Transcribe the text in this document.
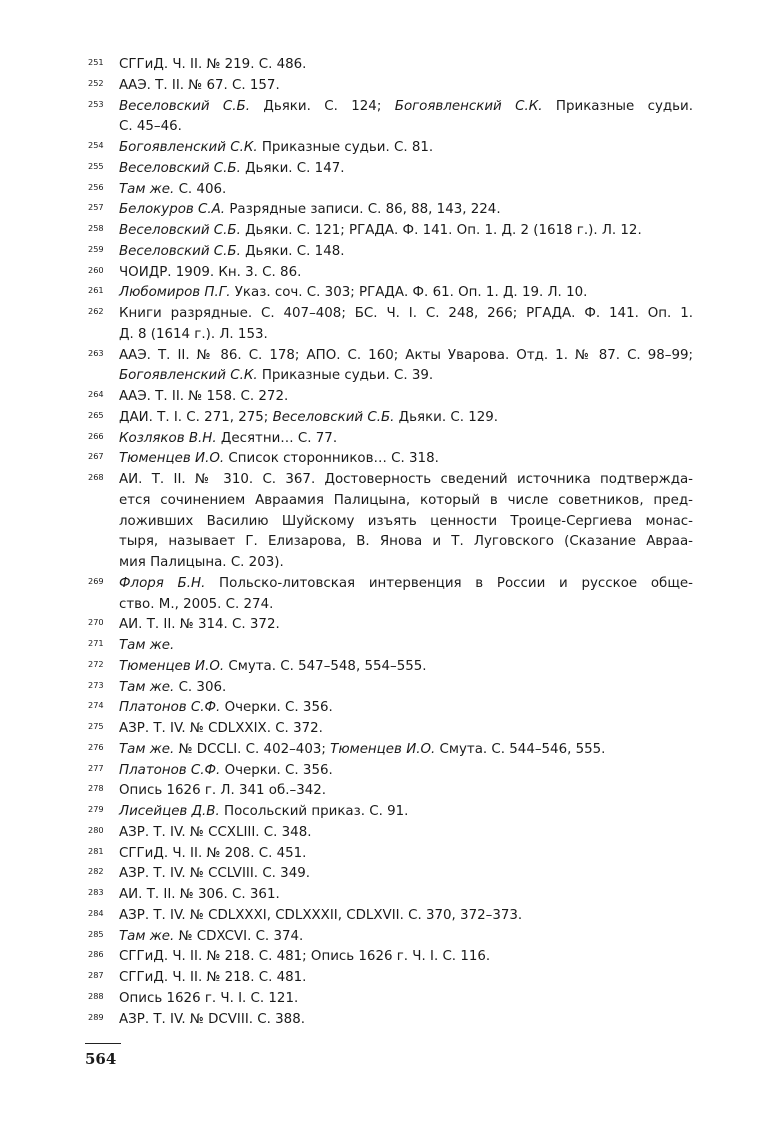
251 СГГиД. Ч. II. № 219. С. 486.
252 ААЭ. Т. II. № 67. С. 157.
253 Веселовский С.Б. Дьяки. С. 124; Богоявленский С.К. Приказные судьи.
С. 45–46.
254 Богоявленский С.К. Приказные судьи. С. 81.
255 Веселовский С.Б. Дьяки. С. 147.
256 Там же. С. 406.
257 Белокуров С.А. Разрядные записи. С. 86, 88, 143, 224.
258 Веселовский С.Б. Дьяки. С. 121; РГАДА. Ф. 141. Оп. 1. Д. 2 (1618 г.). Л. 12.
259 Веселовский С.Б. Дьяки. С. 148.
260 ЧОИДР. 1909. Кн. 3. С. 86.
261 Любомиров П.Г. Указ. соч. С. 303; РГАДА. Ф. 61. Оп. 1. Д. 19. Л. 10.
262 Книги разрядные. С. 407–408; БС. Ч. I. С. 248, 266; РГАДА. Ф. 141. Оп. 1.
Д. 8 (1614 г.). Л. 153.
263 ААЭ. Т. II. № 86. С. 178; АПО. С. 160; Акты Уварова. Отд. 1. № 87. С. 98–99;
Богоявленский С.К. Приказные судьи. С. 39.
264 ААЭ. Т. II. № 158. С. 272.
265 ДАИ. Т. I. С. 271, 275; Веселовский С.Б. Дьяки. С. 129.
266 Козляков В.Н. Десятни… С. 77.
267 Тюменцев И.О. Список сторонников… С. 318.
268 АИ. Т. II. № 310. С. 367. Достоверность сведений источника подтвержда-
ется сочинением Авраамия Палицына, который в числе советников, пред-
ложивших Василию Шуйскому изъять ценности Троице-Сергиева монас-
тыря, называет Г. Елизарова, В. Янова и Т. Луговского (Сказание Авраа-
мия Палицына. С. 203).
269 Флоря Б.Н. Польско-литовская интервенция в России и русское обще-
ство. М., 2005. С. 274.
270 АИ. Т. II. № 314. С. 372.
271 Там же.
272 Тюменцев И.О. Смута. С. 547–548, 554–555.
273 Там же. С. 306.
274 Платонов С.Ф. Очерки. С. 356.
275 АЗР. Т. IV. № CDLXXIX. С. 372.
276 Там же. № DCCLI. С. 402–403; Тюменцев И.О. Смута. С. 544–546, 555.
277 Платонов С.Ф. Очерки. С. 356.
278 Опись 1626 г. Л. 341 об.–342.
279 Лисейцев Д.В. Посольский приказ. С. 91.
280 АЗР. Т. IV. № CCXLIII. С. 348.
281 СГГиД. Ч. II. № 208. С. 451.
282 АЗР. Т. IV. № CCLVIII. С. 349.
283 АИ. Т. II. № 306. С. 361.
284 АЗР. Т. IV. № CDLXXXI, CDLXXXII, CDLXVII. С. 370, 372–373.
285 Там же. № CDXCVI. С. 374.
286 СГГиД. Ч. II. № 218. С. 481; Опись 1626 г. Ч. I. С. 116.
287 СГГиД. Ч. II. № 218. С. 481.
288 Опись 1626 г. Ч. I. С. 121.
289 АЗР. Т. IV. № DCVIII. С. 388.
564
